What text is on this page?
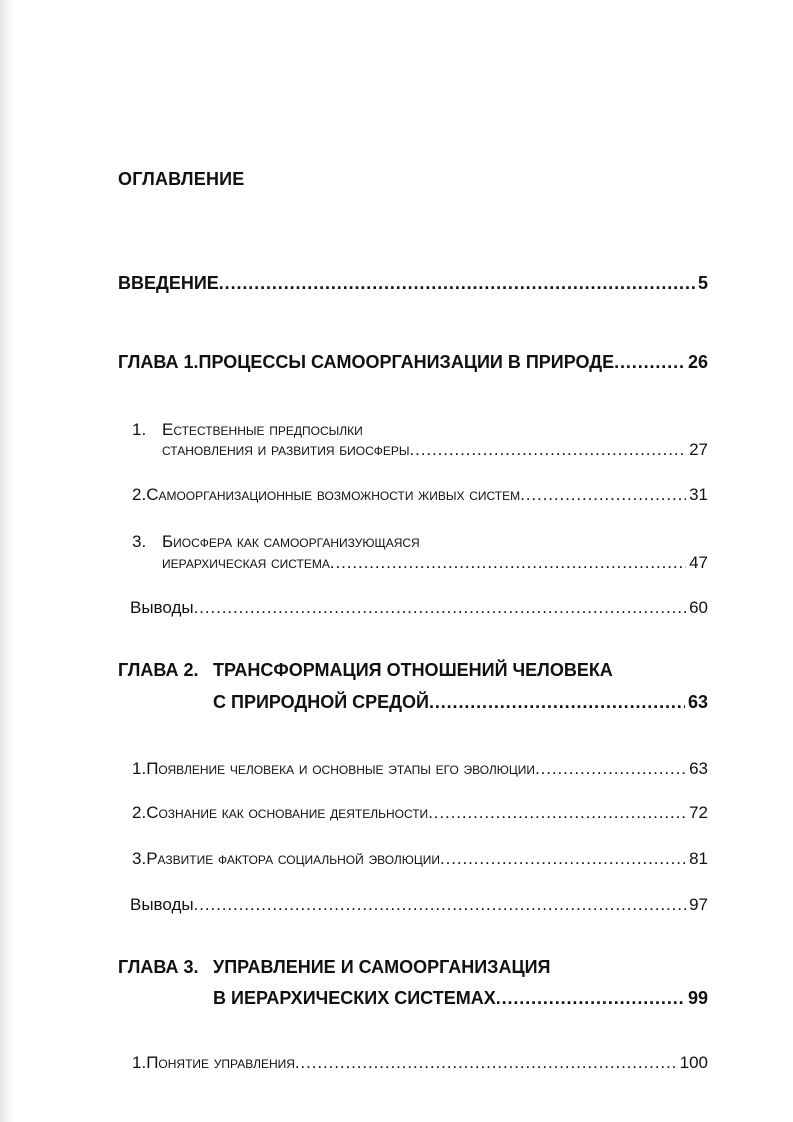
ОГЛАВЛЕНИЕ
ВВЕДЕНИЕ .....	5
ГЛАВА 1. ПРОЦЕССЫ САМООРГАНИЗАЦИИ В ПРИРОДЕ .....	26
1. Естественные предпосылки
становления и развития биосферы .....	27
2. Самоорганизационные возможности живых систем .....	31
3. Биосфера как самоорганизующаяся
иерархическая система .....	47
Выводы .....	60
ГЛАВА 2. ТРАНСФОРМАЦИЯ ОТНОШЕНИЙ ЧЕЛОВЕКА
С ПРИРОДНОЙ СРЕДОЙ .....	63
1. Появление человека и основные этапы его эволюции .....	63
2. Сознание как основание деятельности .....	72
3. Развитие фактора социальной эволюции .....	81
Выводы .....	97
ГЛАВА 3. УПРАВЛЕНИЕ И САМООРГАНИЗАЦИЯ
В ИЕРАРХИЧЕСКИХ СИСТЕМАХ .....	99
1. Понятие управления .....	100
